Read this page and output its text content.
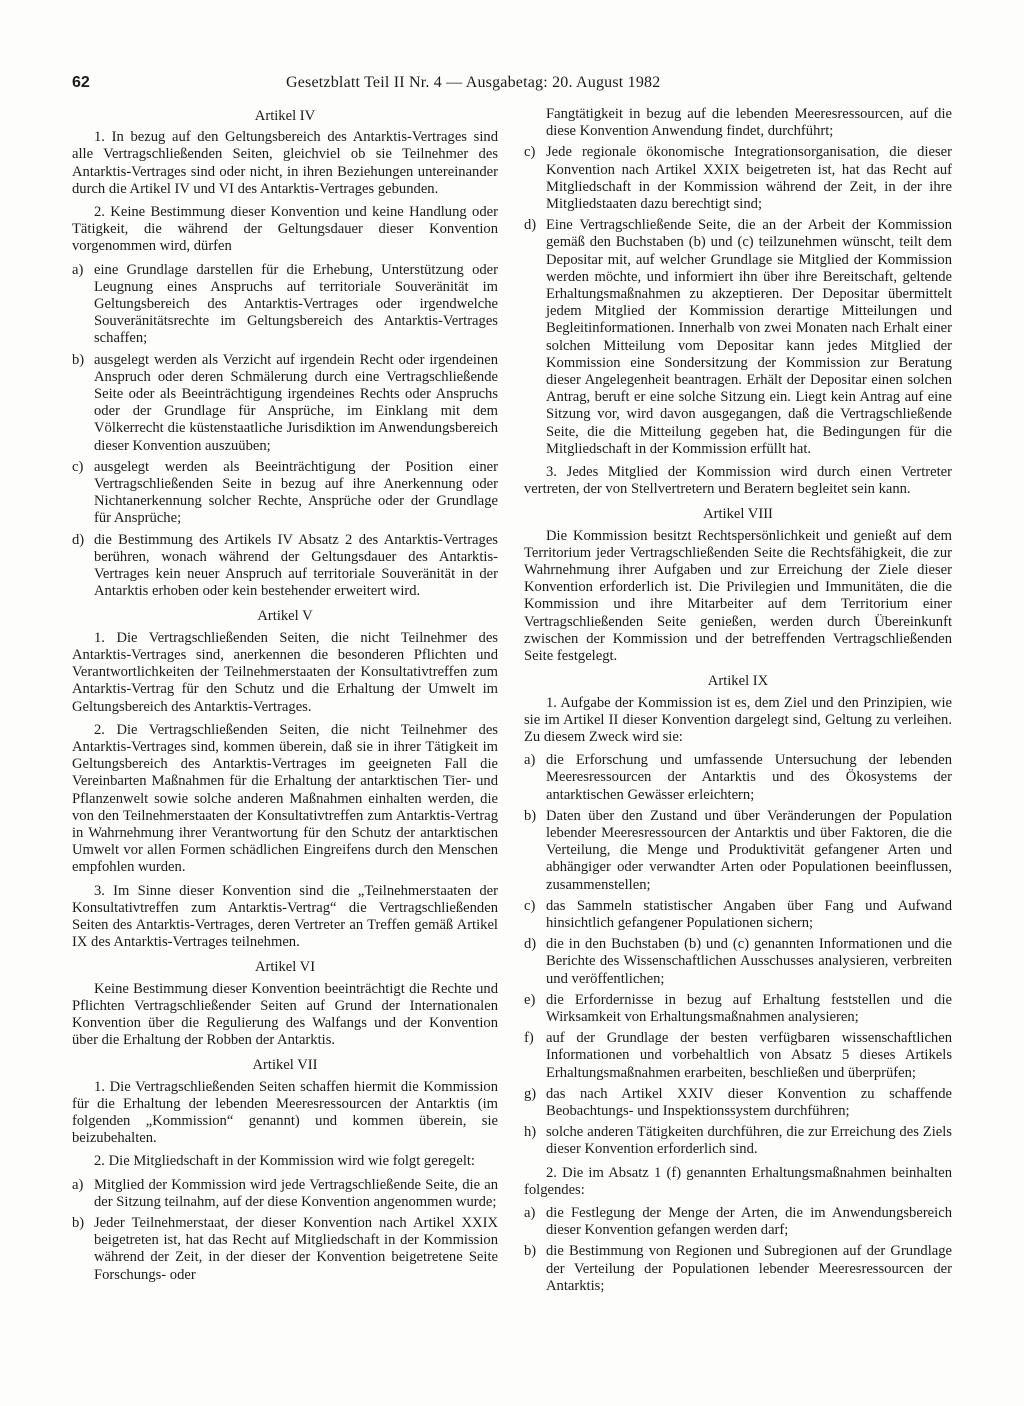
62	Gesetzblatt Teil II Nr. 4 — Ausgabetag: 20. August 1982
Artikel IV

1. In bezug auf den Geltungsbereich des Antarktis-Vertrages sind alle Vertragschließenden Seiten, gleichviel ob sie Teilnehmer des Antarktis-Vertrages sind oder nicht, in ihren Beziehungen untereinander durch die Artikel IV und VI des Antarktis-Vertrages gebunden.

2. Keine Bestimmung dieser Konvention und keine Handlung oder Tätigkeit, die während der Geltungsdauer dieser Konvention vorgenommen wird, dürfen

a) eine Grundlage darstellen für die Erhebung, Unterstützung oder Leugnung eines Anspruchs auf territoriale Souveränität im Geltungsbereich des Antarktis-Vertrages oder irgendwelche Souveränitätsrechte im Geltungsbereich des Antarktis-Vertrages schaffen;
b) ausgelegt werden als Verzicht auf irgendein Recht oder irgendeinen Anspruch oder deren Schmälerung durch eine Vertragschließende Seite oder als Beeinträchtigung irgendeines Rechts oder Anspruchs oder der Grundlage für Ansprüche, im Einklang mit dem Völkerrecht die küstenstaatliche Jurisdiktion im Anwendungsbereich dieser Konvention auszuüben;
c) ausgelegt werden als Beeinträchtigung der Position einer Vertragschließenden Seite in bezug auf ihre Anerkennung oder Nichtanerkennung solcher Rechte, Ansprüche oder der Grundlage für Ansprüche;
d) die Bestimmung des Artikels IV Absatz 2 des Antarktis-Vertrages berühren, wonach während der Geltungsdauer des Antarktis-Vertrages kein neuer Anspruch auf territoriale Souveränität in der Antarktis erhoben oder kein bestehender erweitert wird.
Artikel V

1. Die Vertragschließenden Seiten, die nicht Teilnehmer des Antarktis-Vertrages sind, anerkennen die besonderen Pflichten und Verantwortlichkeiten der Teilnehmerstaaten der Konsultativtreffen zum Antarktis-Vertrag für den Schutz und die Erhaltung der Umwelt im Geltungsbereich des Antarktis-Vertrages.

2. Die Vertragschließenden Seiten, die nicht Teilnehmer des Antarktis-Vertrages sind, kommen überein, daß sie in ihrer Tätigkeit im Geltungsbereich des Antarktis-Vertrages im geeigneten Fall die Vereinbarten Maßnahmen für die Erhaltung der antarktischen Tier- und Pflanzenwelt sowie solche anderen Maßnahmen einhalten werden, die von den Teilnehmerstaaten der Konsultativtreffen zum Antarktis-Vertrag in Wahrnehmung ihrer Verantwortung für den Schutz der antarktischen Umwelt vor allen Formen schädlichen Eingreifens durch den Menschen empfohlen wurden.

3. Im Sinne dieser Konvention sind die „Teilnehmerstaaten der Konsultativtreffen zum Antarktis-Vertrag“ die Vertragschließenden Seiten des Antarktis-Vertrages, deren Vertreter an Treffen gemäß Artikel IX des Antarktis-Vertrages teilnehmen.

Artikel VI

Keine Bestimmung dieser Konvention beeinträchtigt die Rechte und Pflichten Vertragschließender Seiten auf Grund der Internationalen Konvention über die Regulierung des Walfangs und der Konvention über die Erhaltung der Robben der Antarktis.

Artikel VII

1. Die Vertragschließenden Seiten schaffen hiermit die Kommission für die Erhaltung der lebenden Meeresressourcen der Antarktis (im folgenden „Kommission“ genannt) und kommen überein, sie beizubehalten.

2. Die Mitgliedschaft in der Kommission wird wie folgt geregelt:

a) Mitglied der Kommission wird jede Vertragschließende Seite, die an der Sitzung teilnahm, auf der diese Konvention angenommen wurde;
b) Jeder Teilnehmerstaat, der dieser Konvention nach Artikel XXIX beigetreten ist, hat das Recht auf Mitgliedschaft in der Kommission während der Zeit, in der dieser der Konvention beigetretene Seite Forschungs- oder
Fangtätigkeit in bezug auf die lebenden Meeresressourcen, auf die diese Konvention Anwendung findet, durchführt;
c) Jede regionale ökonomische Integrationsorganisation, die dieser Konvention nach Artikel XXIX beigetreten ist, hat das Recht auf Mitgliedschaft in der Kommission während der Zeit, in der ihre Mitgliedstaaten dazu berechtigt sind;
d) Eine Vertragschließende Seite, die an der Arbeit der Kommission gemäß den Buchstaben (b) und (c) teilzunehmen wünscht, teilt dem Depositar mit, auf welcher Grundlage sie Mitglied der Kommission werden möchte, und informiert ihn über ihre Bereitschaft, geltende Erhaltungsmaßnahmen zu akzeptieren. Der Depositar übermittelt jedem Mitglied der Kommission derartige Mitteilungen und Begleitinformationen. Innerhalb von zwei Monaten nach Erhalt einer solchen Mitteilung vom Depositar kann jedes Mitglied der Kommission eine Sondersitzung der Kommission zur Beratung dieser Angelegenheit beantragen. Erhält der Depositar einen solchen Antrag, beruft er eine solche Sitzung ein. Liegt kein Antrag auf eine Sitzung vor, wird davon ausgegangen, daß die Vertragschließende Seite, die die Mitteilung gegeben hat, die Bedingungen für die Mitgliedschaft in der Kommission erfüllt hat.

3. Jedes Mitglied der Kommission wird durch einen Vertreter vertreten, der von Stellvertretern und Beratern begleitet sein kann.

Artikel VIII

Die Kommission besitzt Rechtspersönlichkeit und genießt auf dem Territorium jeder Vertragschließenden Seite die Rechtsfähigkeit, die zur Wahrnehmung ihrer Aufgaben und zur Erreichung der Ziele dieser Konvention erforderlich ist. Die Privilegien und Immunitäten, die die Kommission und ihre Mitarbeiter auf dem Territorium einer Vertragschließenden Seite genießen, werden durch Übereinkunft zwischen der Kommission und der betreffenden Vertragschließenden Seite festgelegt.

Artikel IX

1. Aufgabe der Kommission ist es, dem Ziel und den Prinzipien, wie sie im Artikel II dieser Konvention dargelegt sind, Geltung zu verleihen. Zu diesem Zweck wird sie:

a) die Erforschung und umfassende Untersuchung der lebenden Meeresressourcen der Antarktis und des Ökosystems der antarktischen Gewässer erleichtern;
b) Daten über den Zustand und über Veränderungen der Population lebender Meeresressourcen der Antarktis und über Faktoren, die die Verteilung, die Menge und Produktivität gefangener Arten und abhängiger oder verwandter Arten oder Populationen beeinflussen, zusammenstellen;
c) das Sammeln statistischer Angaben über Fang und Aufwand hinsichtlich gefangener Populationen sichern;
d) die in den Buchstaben (b) und (c) genannten Informationen und die Berichte des Wissenschaftlichen Ausschusses analysieren, verbreiten und veröffentlichen;
e) die Erfordernisse in bezug auf Erhaltung feststellen und die Wirksamkeit von Erhaltungsmaßnahmen analysieren;
f) auf der Grundlage der besten verfügbaren wissenschaftlichen Informationen und vorbehaltlich von Absatz 5 dieses Artikels Erhaltungsmaßnahmen erarbeiten, beschließen und überprüfen;
g) das nach Artikel XXIV dieser Konvention zu schaffende Beobachtungs- und Inspektionssystem durchführen;
h) solche anderen Tätigkeiten durchführen, die zur Erreichung des Ziels dieser Konvention erforderlich sind.

2. Die im Absatz 1 (f) genannten Erhaltungsmaßnahmen beinhalten folgendes:

a) die Festlegung der Menge der Arten, die im Anwendungsbereich dieser Konvention gefangen werden darf;
b) die Bestimmung von Regionen und Subregionen auf der Grundlage der Verteilung der Populationen lebender Meeresressourcen der Antarktis;
